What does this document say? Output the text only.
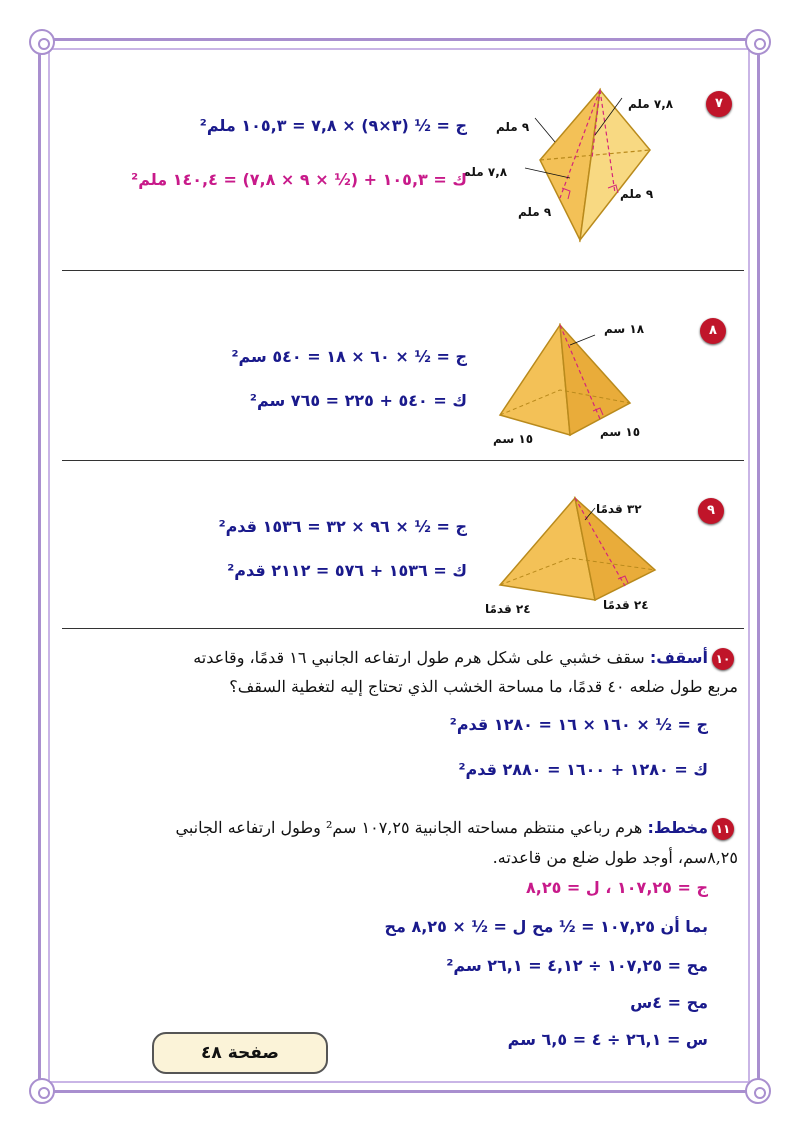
٧
٧,٨ ملم
٩ ملم
٧,٨ ملم
٩ ملم
٩ ملم
ج = ½ (٣×٩) × ٧,٨ = ١٠٥,٣ ملم²
ك = ١٠٥,٣ + (½ × ٩ × ٧,٨) = ١٤٠,٤ ملم²
٨
١٨ سم
١٥ سم	١٥ سم
ج = ½ × ٦٠ × ١٨ = ٥٤٠ سم²
ك = ٥٤٠ + ٢٢٥ = ٧٦٥ سم²
٩
٣٢ قدمًا
٢٤ قدمًا	٢٤ قدمًا
ج = ½ × ٩٦ × ٣٢ = ١٥٣٦ قدم²
ك = ١٥٣٦ + ٥٧٦ = ٢١١٢ قدم²
١٠
أسقف: سقف خشبي على شكل هرم طول ارتفاعه الجانبي ١٦ قدمًا، وقاعدته
مربع طول ضلعه ٤٠ قدمًا، ما مساحة الخشب الذي تحتاج إليه لتغطية السقف؟
ج = ½ × ١٦٠ × ١٦ = ١٢٨٠ قدم²
ك = ١٢٨٠ + ١٦٠٠ = ٢٨٨٠ قدم²
١١
مخطط: هرم رباعي منتظم مساحته الجانبية ١٠٧,٢٥ سم² وطول ارتفاعه الجانبي
٨,٢٥سم، أوجد طول ضلع من قاعدته.
ج = ١٠٧,٢٥ ، ل = ٨,٢٥
بما أن ١٠٧,٢٥ = ½ مح ل = ½ × ٨,٢٥ مح
مح = ١٠٧,٢٥ ÷ ٤,١٢ = ٢٦,١ سم²
مح = ٤س
س = ٢٦,١ ÷ ٤ = ٦,٥ سم
صفحة ٤٨
